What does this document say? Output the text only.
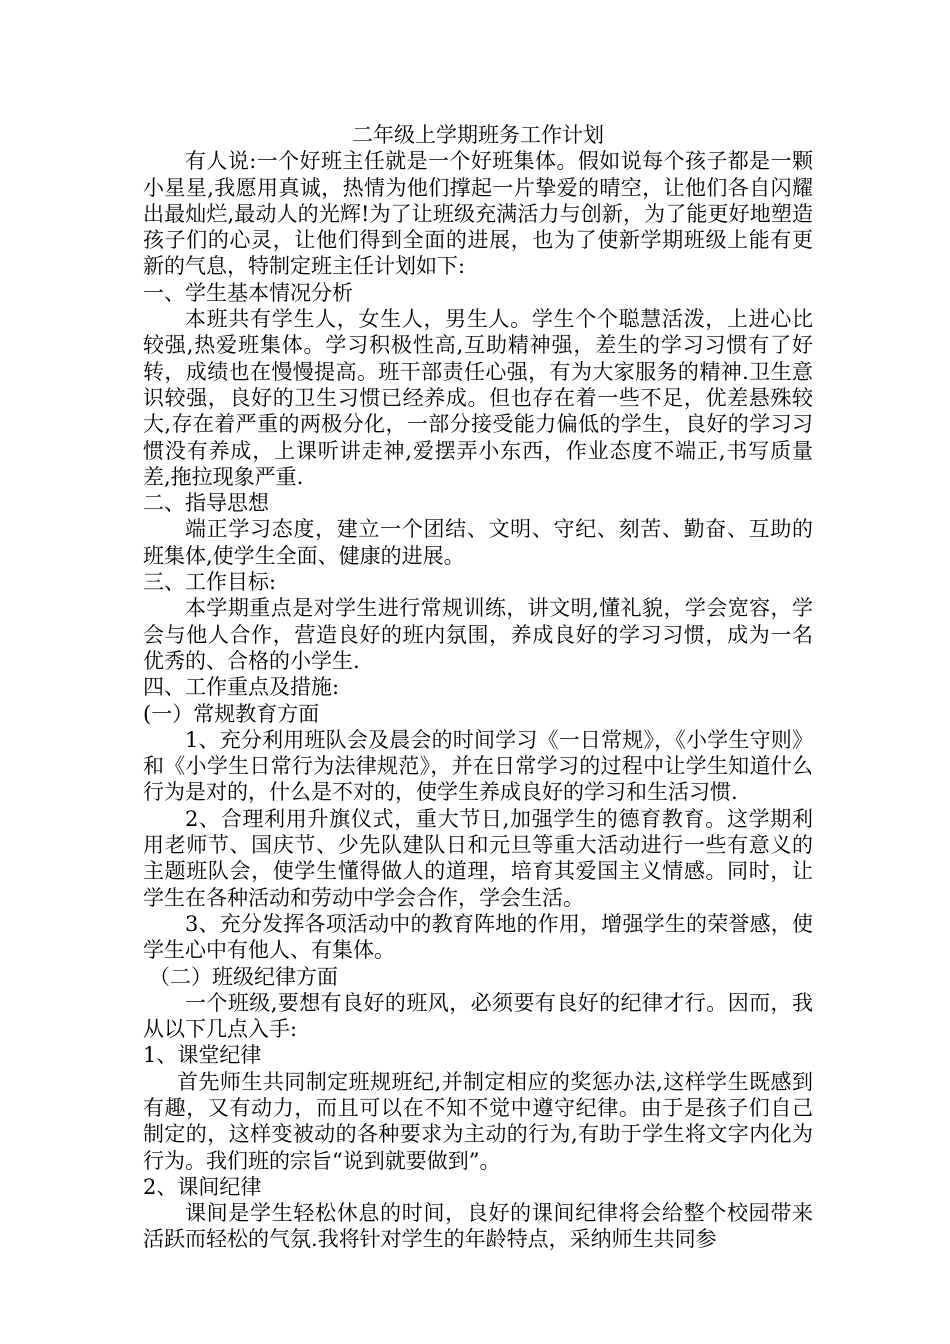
二年级上学期班务工作计划

有人说:一个好班主任就是一个好班集体。假如说每个孩子都是一颗小星星,我愿用真诚，热情为他们撑起一片挚爱的晴空，让他们各自闪耀出最灿烂,最动人的光辉!为了让班级充满活力与创新，为了能更好地塑造孩子们的心灵，让他们得到全面的进展，也为了使新学期班级上能有更新的气息，特制定班主任计划如下:

一、学生基本情况分析

本班共有学生人，女生人，男生人。学生个个聪慧活泼，上进心比较强,热爱班集体。学习积极性高,互助精神强，差生的学习习惯有了好转，成绩也在慢慢提高。班干部责任心强，有为大家服务的精神.卫生意识较强，良好的卫生习惯已经养成。但也存在着一些不足，优差悬殊较大,存在着严重的两极分化，一部分接受能力偏低的学生，良好的学习习惯没有养成，上课听讲走神,爱摆弄小东西，作业态度不端正,书写质量差,拖拉现象严重.

二、指导思想

端正学习态度，建立一个团结、文明、守纪、刻苦、勤奋、互助的班集体,使学生全面、健康的进展。

三、工作目标:

本学期重点是对学生进行常规训练，讲文明,懂礼貌，学会宽容，学会与他人合作，营造良好的班内氛围，养成良好的学习习惯，成为一名优秀的、合格的小学生.

四、工作重点及措施:

(一）常规教育方面

1、充分利用班队会及晨会的时间学习《一日常规》，《小学生守则》和《小学生日常行为法律规范》，并在日常学习的过程中让学生知道什么行为是对的，什么是不对的，使学生养成良好的学习和生活习惯.

2、合理利用升旗仪式，重大节日,加强学生的德育教育。这学期利用老师节、国庆节、少先队建队日和元旦等重大活动进行一些有意义的主题班队会，使学生懂得做人的道理，培育其爱国主义情感。同时，让学生在各种活动和劳动中学会合作，学会生活。

3、充分发挥各项活动中的教育阵地的作用，增强学生的荣誉感，使学生心中有他人、有集体。

（二）班级纪律方面

一个班级,要想有良好的班风，必须要有良好的纪律才行。因而，我从以下几点入手:

1、课堂纪律

首先师生共同制定班规班纪,并制定相应的奖惩办法,这样学生既感到有趣，又有动力，而且可以在不知不觉中遵守纪律。由于是孩子们自己制定的，这样变被动的各种要求为主动的行为,有助于学生将文字内化为行为。我们班的宗旨“说到就要做到”。

2、课间纪律

课间是学生轻松休息的时间，良好的课间纪律将会给整个校园带来活跃而轻松的气氛.我将针对学生的年龄特点，采纳师生共同参
